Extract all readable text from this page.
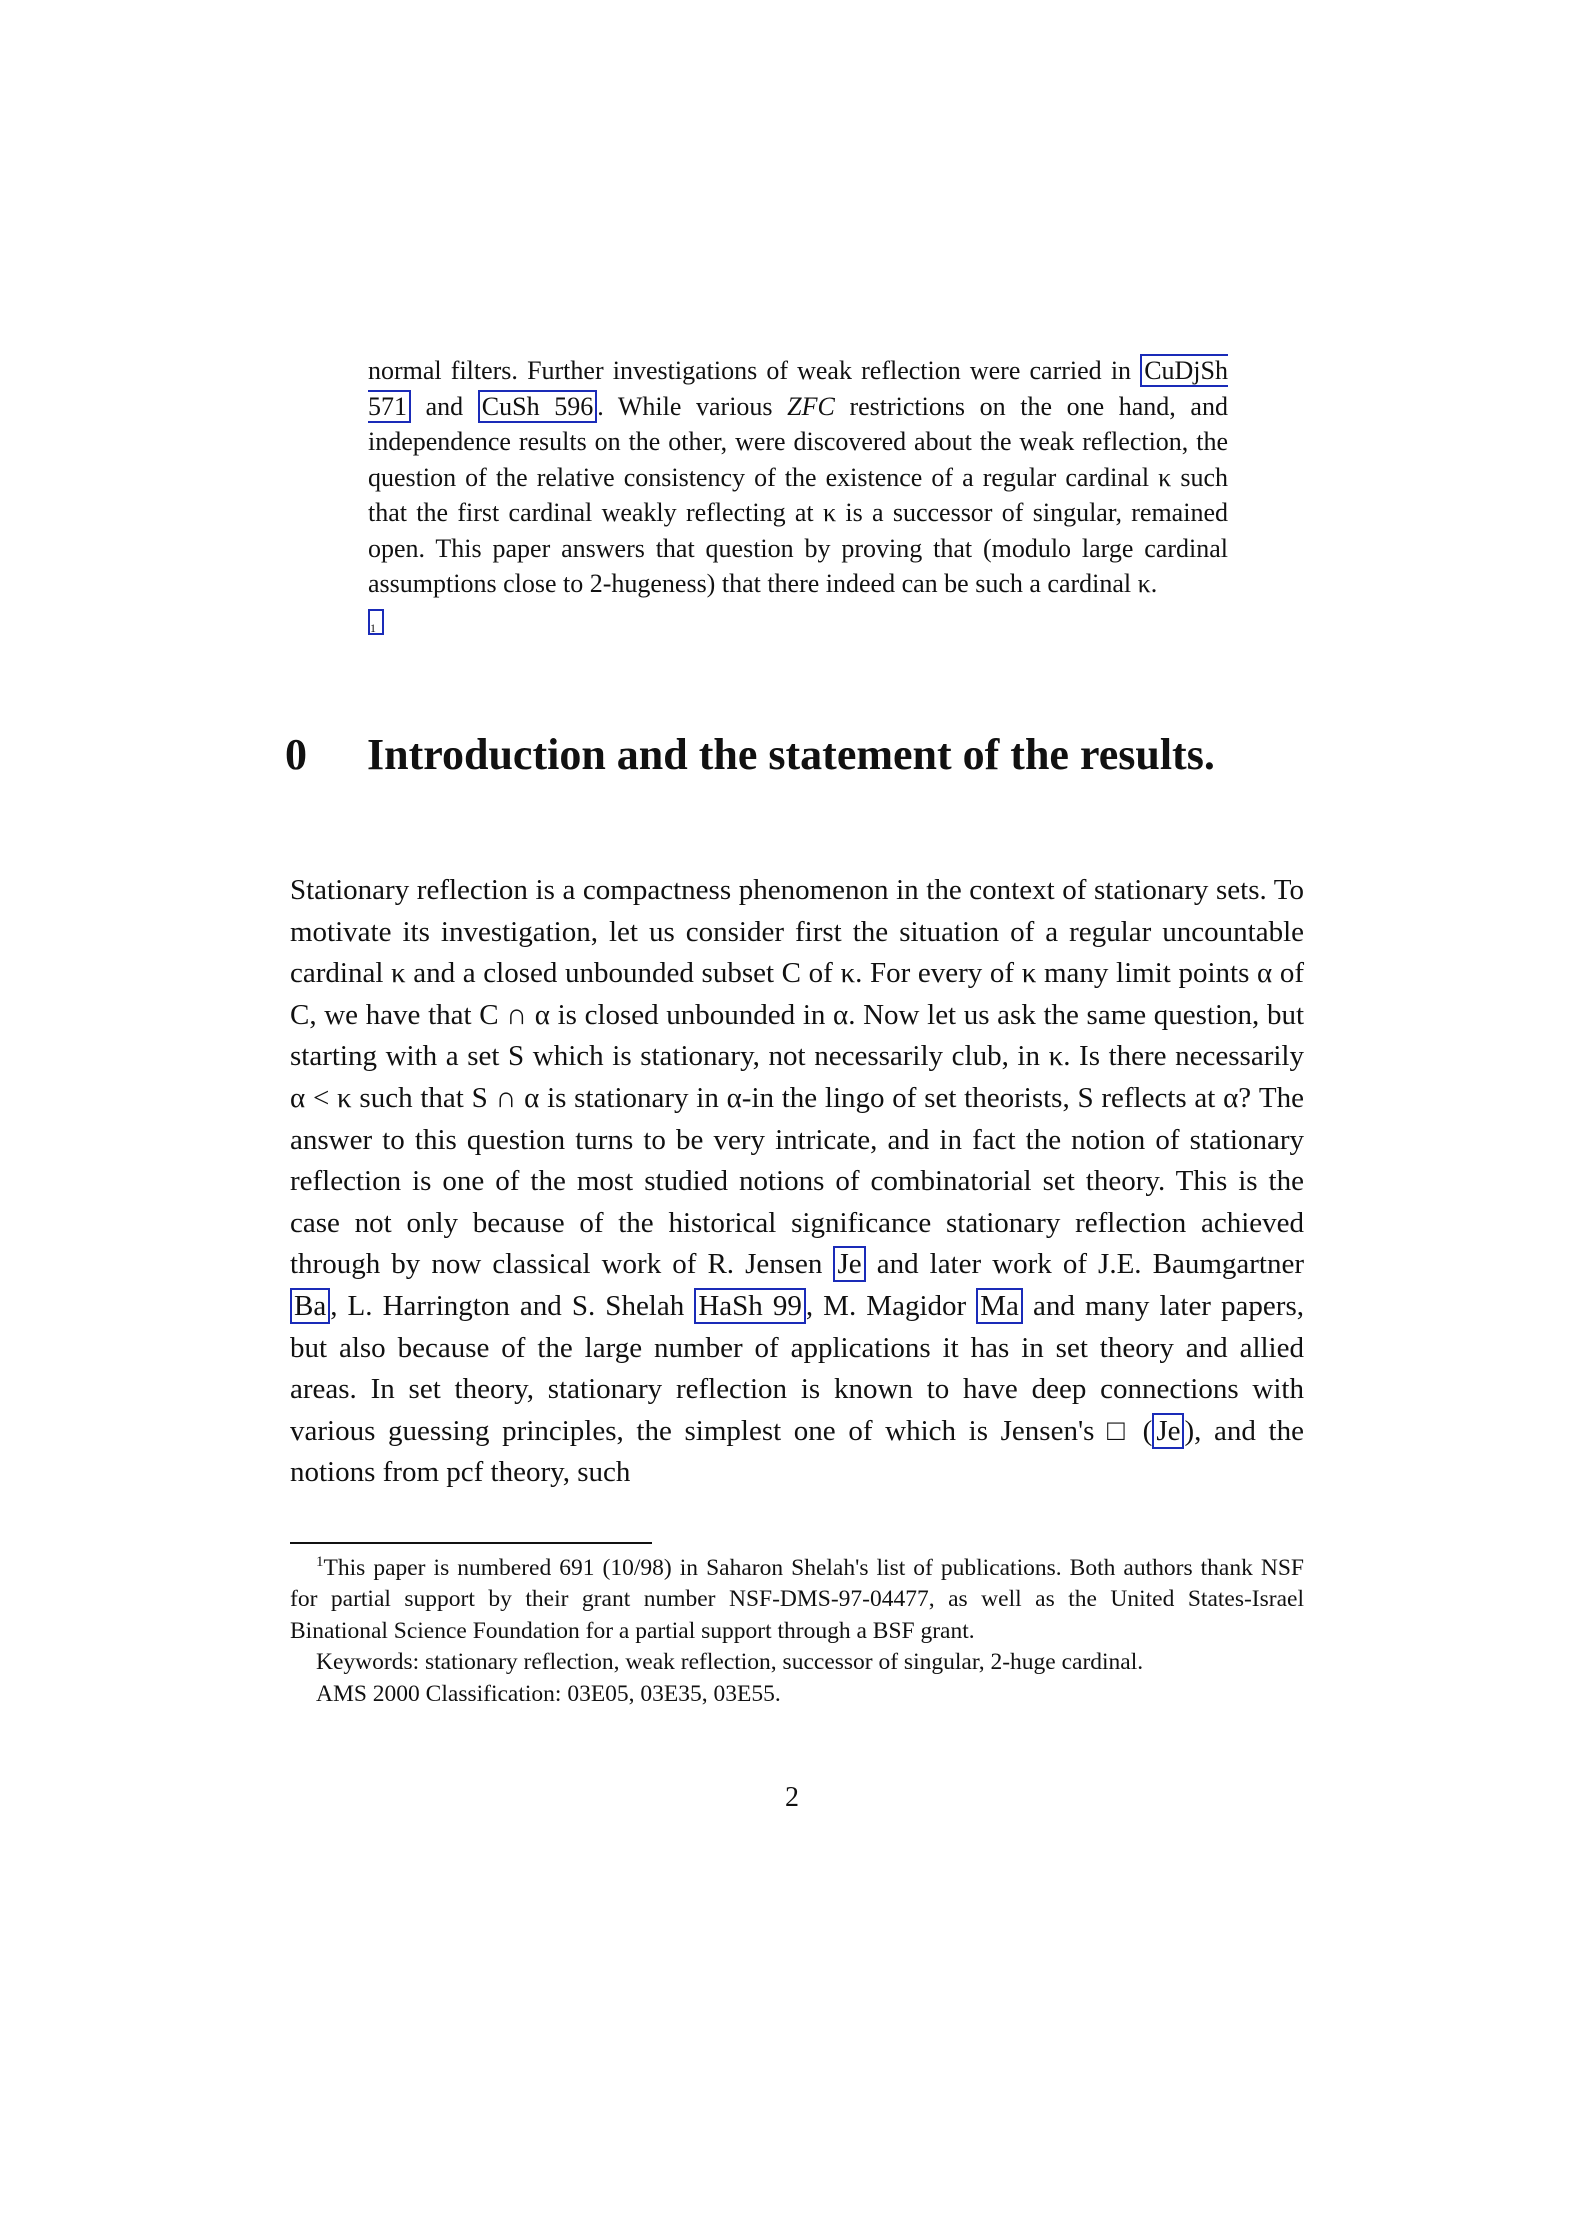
normal filters. Further investigations of weak reflection were carried in CuDjSh 571 and CuSh 596 . While various ZFC restrictions on the one hand, and independence results on the other, were discovered about the weak reflection, the question of the relative consistency of the existence of a regular cardinal κ such that the first cardinal weakly reflecting at κ is a successor of singular, remained open. This paper answers that question by proving that (modulo large cardinal assumptions close to 2-hugeness) that there indeed can be such a cardinal κ.
$^1$
0 Introduction and the statement of the results.
Stationary reflection is a compactness phenomenon in the context of stationary sets. To motivate its investigation, let us consider first the situation of a regular uncountable cardinal κ and a closed unbounded subset C of κ. For every of κ many limit points α of C, we have that C ∩ α is closed unbounded in α. Now let us ask the same question, but starting with a set S which is stationary, not necessarily club, in κ. Is there necessarily α < κ such that S ∩ α is stationary in α-in the lingo of set theorists, S reflects at α? The answer to this question turns to be very intricate, and in fact the notion of stationary reflection is one of the most studied notions of combinatorial set theory. This is the case not only because of the historical significance stationary reflection achieved through by now classical work of R. Jensen Je and later work of J.E. Baumgartner Ba , L. Harrington and S. Shelah HaSh 99 , M. Magidor Ma and many later papers, but also because of the large number of applications it has in set theory and allied areas. In set theory, stationary reflection is known to have deep connections with various guessing principles, the simplest one of which is Jensen's □ ( Je ), and the notions from pcf theory, such

$^1$This paper is numbered 691 (10/98) in Saharon Shelah's list of publications. Both authors thank NSF for partial support by their grant number NSF-DMS-97-04477, as well as the United States-Israel Binational Science Foundation for a partial support through a BSF grant.

Keywords: stationary reflection, weak reflection, successor of singular, 2-huge cardinal.

AMS 2000 Classification: 03E05, 03E35, 03E55.

2
